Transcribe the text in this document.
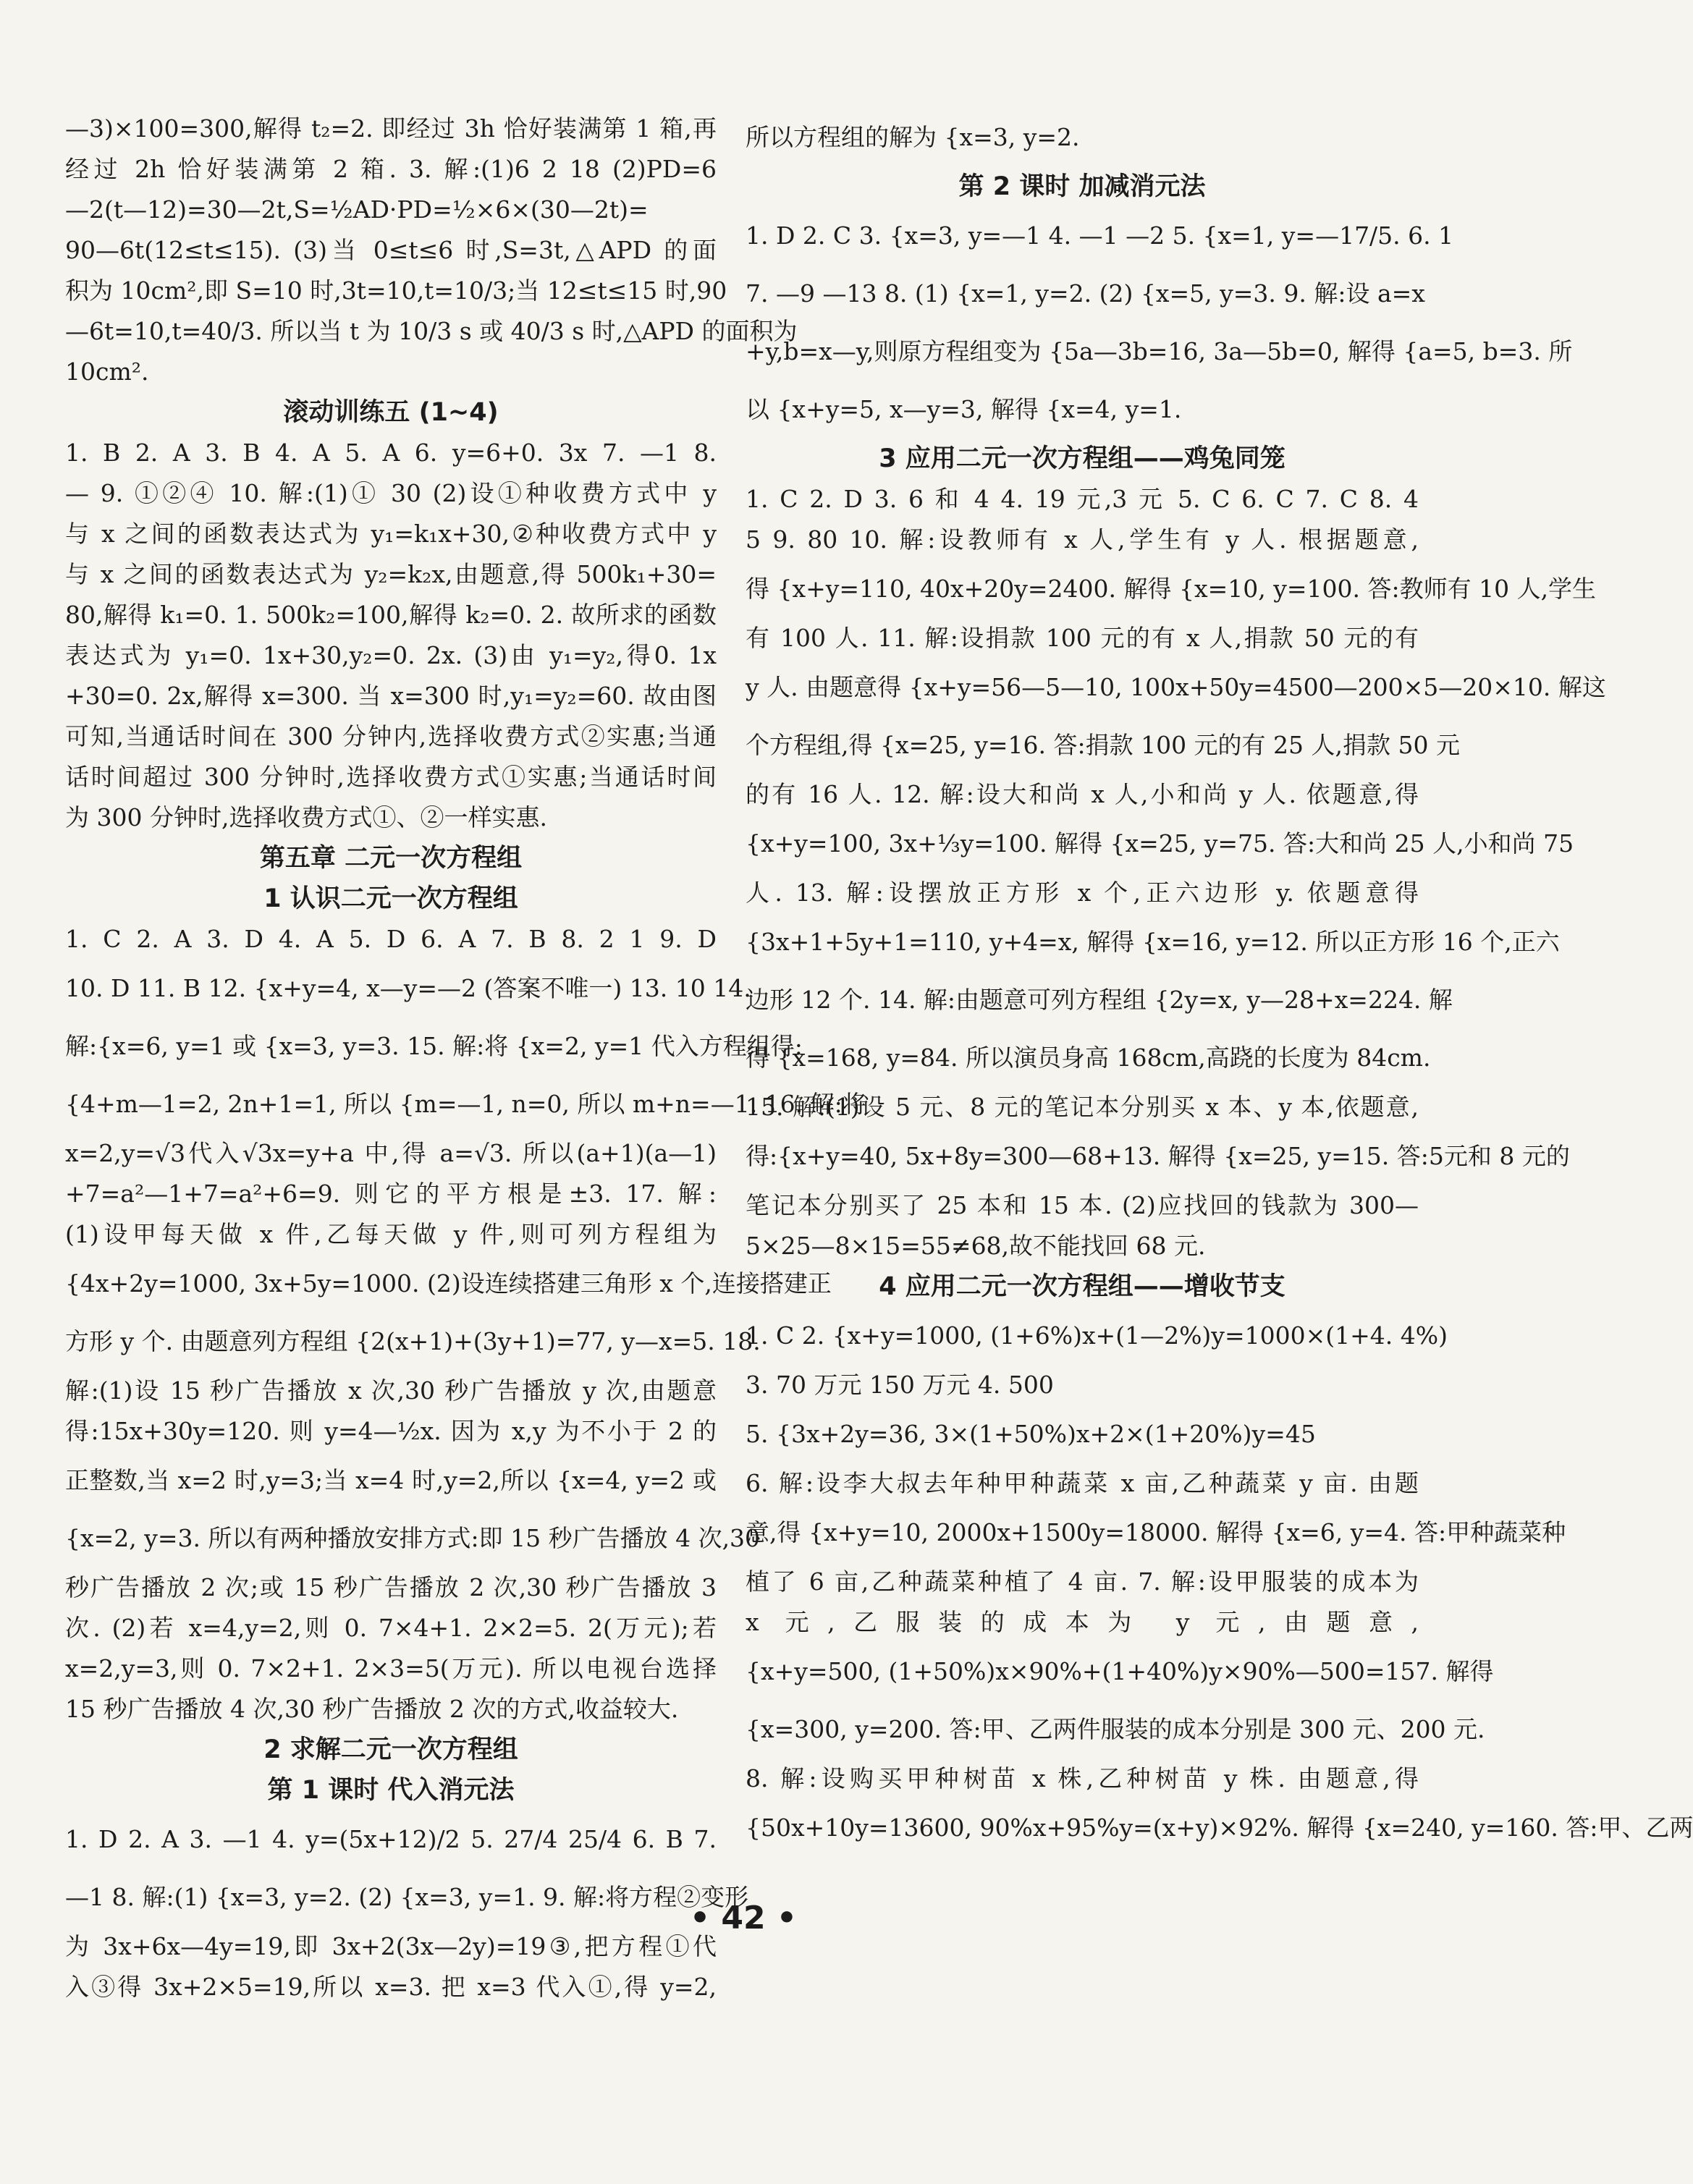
—3)×100=300,解得 t₂=2. 即经过 3h 恰好装满第 1 箱,再
经过 2h 恰好装满第 2 箱. 3. 解:(1)6 2 18 (2)PD=6
—2(t—12)=30—2t,S=½AD·PD=½×6×(30—2t)=
90—6t(12≤t≤15). (3)当 0≤t≤6 时,S=3t,△APD 的面
积为 10cm²,即 S=10 时,3t=10,t=10/3;当 12≤t≤15 时,90
—6t=10,t=40/3. 所以当 t 为 10/3 s 或 40/3 s 时,△APD 的面积为
10cm².
滚动训练五 (1~4)
1. B 2. A 3. B 4. A 5. A 6. y=6+0. 3x 7. —1 8.
— 9. ①②④ 10. 解:(1)① 30 (2)设①种收费方式中 y
与 x 之间的函数表达式为 y₁=k₁x+30,②种收费方式中 y
与 x 之间的函数表达式为 y₂=k₂x,由题意,得 500k₁+30=
80,解得 k₁=0. 1. 500k₂=100,解得 k₂=0. 2. 故所求的函数
表达式为 y₁=0. 1x+30,y₂=0. 2x. (3)由 y₁=y₂,得0. 1x
+30=0. 2x,解得 x=300. 当 x=300 时,y₁=y₂=60. 故由图
可知,当通话时间在 300 分钟内,选择收费方式②实惠;当通
话时间超过 300 分钟时,选择收费方式①实惠;当通话时间
为 300 分钟时,选择收费方式①、②一样实惠.
第五章 二元一次方程组
1 认识二元一次方程组
1. C 2. A 3. D 4. A 5. D 6. A 7. B 8. 2 1 9. D
10. D 11. B 12. {x+y=4, x—y=—2 (答案不唯一) 13. 10 14.
解:{x=6, y=1 或 {x=3, y=3. 15. 解:将 {x=2, y=1 代入方程组得:
{4+m—1=2, 2n+1=1, 所以 {m=—1, n=0, 所以 m+n=—1. 16. 解:将
x=2,y=√3代入√3x=y+a 中,得 a=√3. 所以(a+1)(a—1)
+7=a²—1+7=a²+6=9. 则它的平方根是±3. 17. 解:
(1)设甲每天做 x 件,乙每天做 y 件,则可列方程组为
{4x+2y=1000, 3x+5y=1000. (2)设连续搭建三角形 x 个,连接搭建正
方形 y 个. 由题意列方程组 {2(x+1)+(3y+1)=77, y—x=5. 18.
解:(1)设 15 秒广告播放 x 次,30 秒广告播放 y 次,由题意
得:15x+30y=120. 则 y=4—½x. 因为 x,y 为不小于 2 的
正整数,当 x=2 时,y=3;当 x=4 时,y=2,所以 {x=4, y=2 或
{x=2, y=3. 所以有两种播放安排方式:即 15 秒广告播放 4 次,30
秒广告播放 2 次;或 15 秒广告播放 2 次,30 秒广告播放 3
次. (2)若 x=4,y=2,则 0. 7×4+1. 2×2=5. 2(万元);若
x=2,y=3,则 0. 7×2+1. 2×3=5(万元). 所以电视台选择
15 秒广告播放 4 次,30 秒广告播放 2 次的方式,收益较大.
2 求解二元一次方程组
第 1 课时 代入消元法
1. D 2. A 3. —1 4. y=(5x+12)/2 5. 27/4 25/4 6. B 7.
—1 8. 解:(1) {x=3, y=2. (2) {x=3, y=1. 9. 解:将方程②变形
为 3x+6x—4y=19,即 3x+2(3x—2y)=19③,把方程①代
入③得 3x+2×5=19,所以 x=3. 把 x=3 代入①,得 y=2,
所以方程组的解为 {x=3, y=2.
第 2 课时 加减消元法
1. D 2. C 3. {x=3, y=—1 4. —1 —2 5. {x=1, y=—17/5. 6. 1
7. —9 —13 8. (1) {x=1, y=2. (2) {x=5, y=3. 9. 解:设 a=x
+y,b=x—y,则原方程组变为 {5a—3b=16, 3a—5b=0, 解得 {a=5, b=3. 所
以 {x+y=5, x—y=3, 解得 {x=4, y=1.
3 应用二元一次方程组——鸡兔同笼
1. C 2. D 3. 6 和 4 4. 19 元,3 元 5. C 6. C 7. C 8. 4
5 9. 80 10. 解:设教师有 x 人,学生有 y 人. 根据题意,
得 {x+y=110, 40x+20y=2400. 解得 {x=10, y=100. 答:教师有 10 人,学生
有 100 人. 11. 解:设捐款 100 元的有 x 人,捐款 50 元的有
y 人. 由题意得 {x+y=56—5—10, 100x+50y=4500—200×5—20×10. 解这
个方程组,得 {x=25, y=16. 答:捐款 100 元的有 25 人,捐款 50 元
的有 16 人. 12. 解:设大和尚 x 人,小和尚 y 人. 依题意,得
{x+y=100, 3x+⅓y=100. 解得 {x=25, y=75. 答:大和尚 25 人,小和尚 75
人. 13. 解:设摆放正方形 x 个,正六边形 y. 依题意得
{3x+1+5y+1=110, y+4=x, 解得 {x=16, y=12. 所以正方形 16 个,正六
边形 12 个. 14. 解:由题意可列方程组 {2y=x, y—28+x=224. 解
得 {x=168, y=84. 所以演员身高 168cm,高跷的长度为 84cm.
15. 解:(1)设 5 元、8 元的笔记本分别买 x 本、y 本,依题意,
得:{x+y=40, 5x+8y=300—68+13. 解得 {x=25, y=15. 答:5元和 8 元的
笔记本分别买了 25 本和 15 本. (2)应找回的钱款为 300—
5×25—8×15=55≠68,故不能找回 68 元.
4 应用二元一次方程组——增收节支
1. C 2. {x+y=1000, (1+6%)x+(1—2%)y=1000×(1+4. 4%)
3. 70 万元 150 万元 4. 500
5. {3x+2y=36, 3×(1+50%)x+2×(1+20%)y=45
6. 解:设李大叔去年种甲种蔬菜 x 亩,乙种蔬菜 y 亩. 由题
意,得 {x+y=10, 2000x+1500y=18000. 解得 {x=6, y=4. 答:甲种蔬菜种
植了 6 亩,乙种蔬菜种植了 4 亩. 7. 解:设甲服装的成本为
x 元,乙服装的成本为 y 元,由题意,
{x+y=500, (1+50%)x×90%+(1+40%)y×90%—500=157. 解得
{x=300, y=200. 答:甲、乙两件服装的成本分别是 300 元、200 元.
8. 解:设购买甲种树苗 x 株,乙种树苗 y 株. 由题意,得
{50x+10y=13600, 90%x+95%y=(x+y)×92%. 解得 {x=240, y=160. 答:甲、乙两
• 42 •
